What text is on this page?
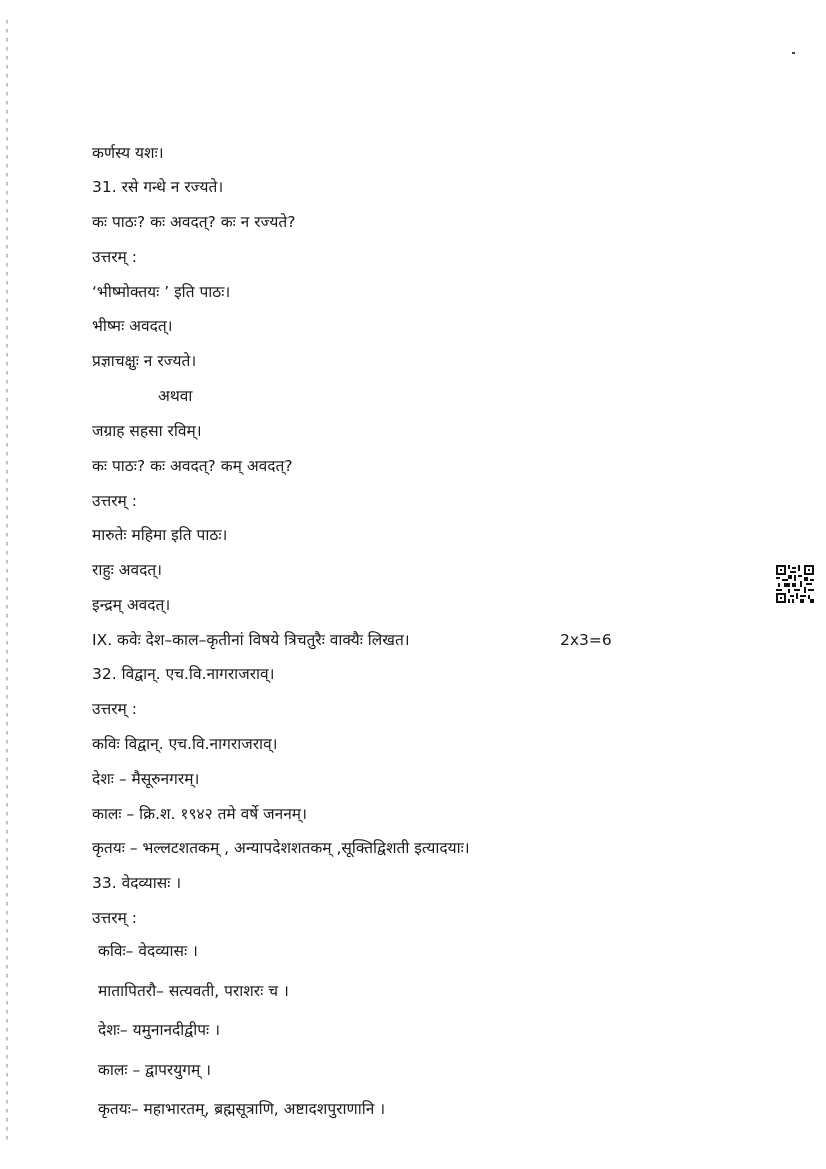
कर्णस्य यशः।
31. रसे गन्धे न रज्यते।
कः पाठः? कः अवदत्? कः न रज्यते?
उत्तरम् :
‘भीष्मोक्तयः ’ इति पाठः।
भीष्मः अवदत्।
प्रज्ञाचक्षुः न रज्यते।
अथवा
जग्राह सहसा रविम्।
कः पाठः? कः अवदत्? कम् अवदत्?
उत्तरम् :
मारुतेः महिमा इति पाठः।
राहुः अवदत्।
इन्द्रम् अवदत्।
IX. कवेः देश–काल–कृतीनां विषये त्रिचतुरैः वाक्यैः लिखत।	2x3=6
32. विद्वान्. एच.वि.नागराजराव्।
उत्तरम् :
कविः विद्वान्. एच.वि.नागराजराव्।
देशः – मैसूरुनगरम्।
कालः – क्रि.श. १९४२ तमे वर्षे जननम्।
कृतयः – भल्लटशतकम् , अन्यापदेशशतकम् ,सूक्तिद्विशती इत्यादयाः।
33. वेदव्यासः ।
उत्तरम् :
कविः– वेदव्यासः ।
मातापितरौ– सत्यवती, पराशरः च ।
देशः– यमुनानदीद्वीपः ।
कालः – द्वापरयुगम् ।
कृतयः– महाभारतम्, ब्रह्मसूत्राणि, अष्टादशपुराणानि ।
